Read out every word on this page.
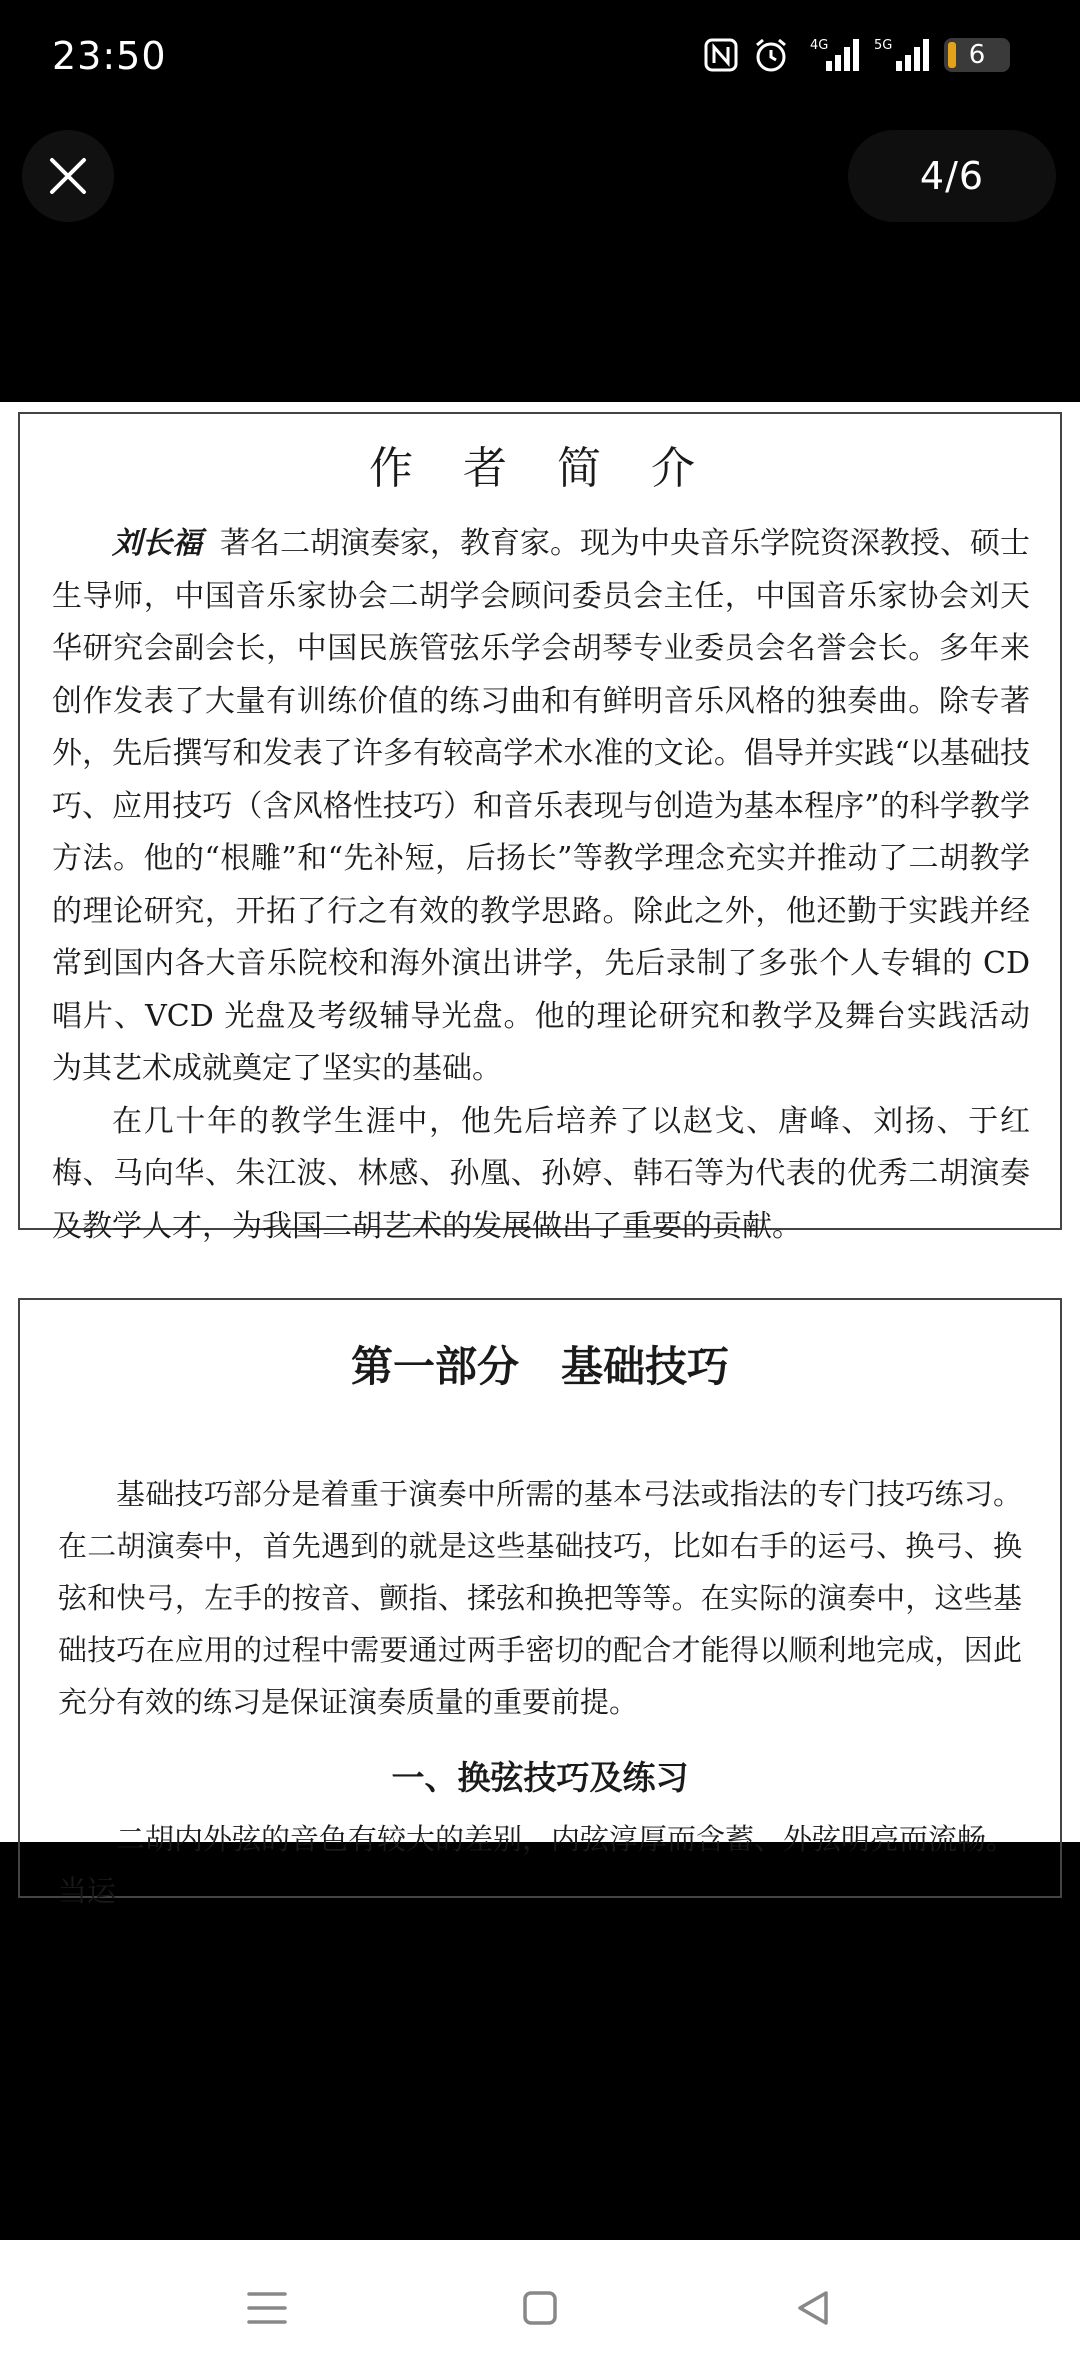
23:50	4G	5G	6
4/6
作 者 简 介

刘长福 著名二胡演奏家，教育家。现为中央音乐学院资深教授、硕士生导师，中国音乐家协会二胡学会顾问委员会主任，中国音乐家协会刘天华研究会副会长，中国民族管弦乐学会胡琴专业委员会名誉会长。多年来创作发表了大量有训练价值的练习曲和有鲜明音乐风格的独奏曲。除专著外，先后撰写和发表了许多有较高学术水准的文论。倡导并实践“以基础技巧、应用技巧（含风格性技巧）和音乐表现与创造为基本程序”的科学教学方法。他的“根雕”和“先补短，后扬长”等教学理念充实并推动了二胡教学的理论研究，开拓了行之有效的教学思路。除此之外，他还勤于实践并经常到国内各大音乐院校和海外演出讲学，先后录制了多张个人专辑的 CD 唱片、VCD 光盘及考级辅导光盘。他的理论研究和教学及舞台实践活动为其艺术成就奠定了坚实的基础。

在几十年的教学生涯中，他先后培养了以赵戈、唐峰、刘扬、于红梅、马向华、朱江波、林感、孙凰、孙婷、韩石等为代表的优秀二胡演奏及教学人才，为我国二胡艺术的发展做出了重要的贡献。

第一部分　基础技巧

基础技巧部分是着重于演奏中所需的基本弓法或指法的专门技巧练习。在二胡演奏中，首先遇到的就是这些基础技巧，比如右手的运弓、换弓、换弦和快弓，左手的按音、颤指、揉弦和换把等等。在实际的演奏中，这些基础技巧在应用的过程中需要通过两手密切的配合才能得以顺利地完成，因此充分有效的练习是保证演奏质量的重要前提。

一、换弦技巧及练习

二胡内外弦的音色有较大的差别，内弦淳厚而含蓄、外弦明亮而流畅。当运
